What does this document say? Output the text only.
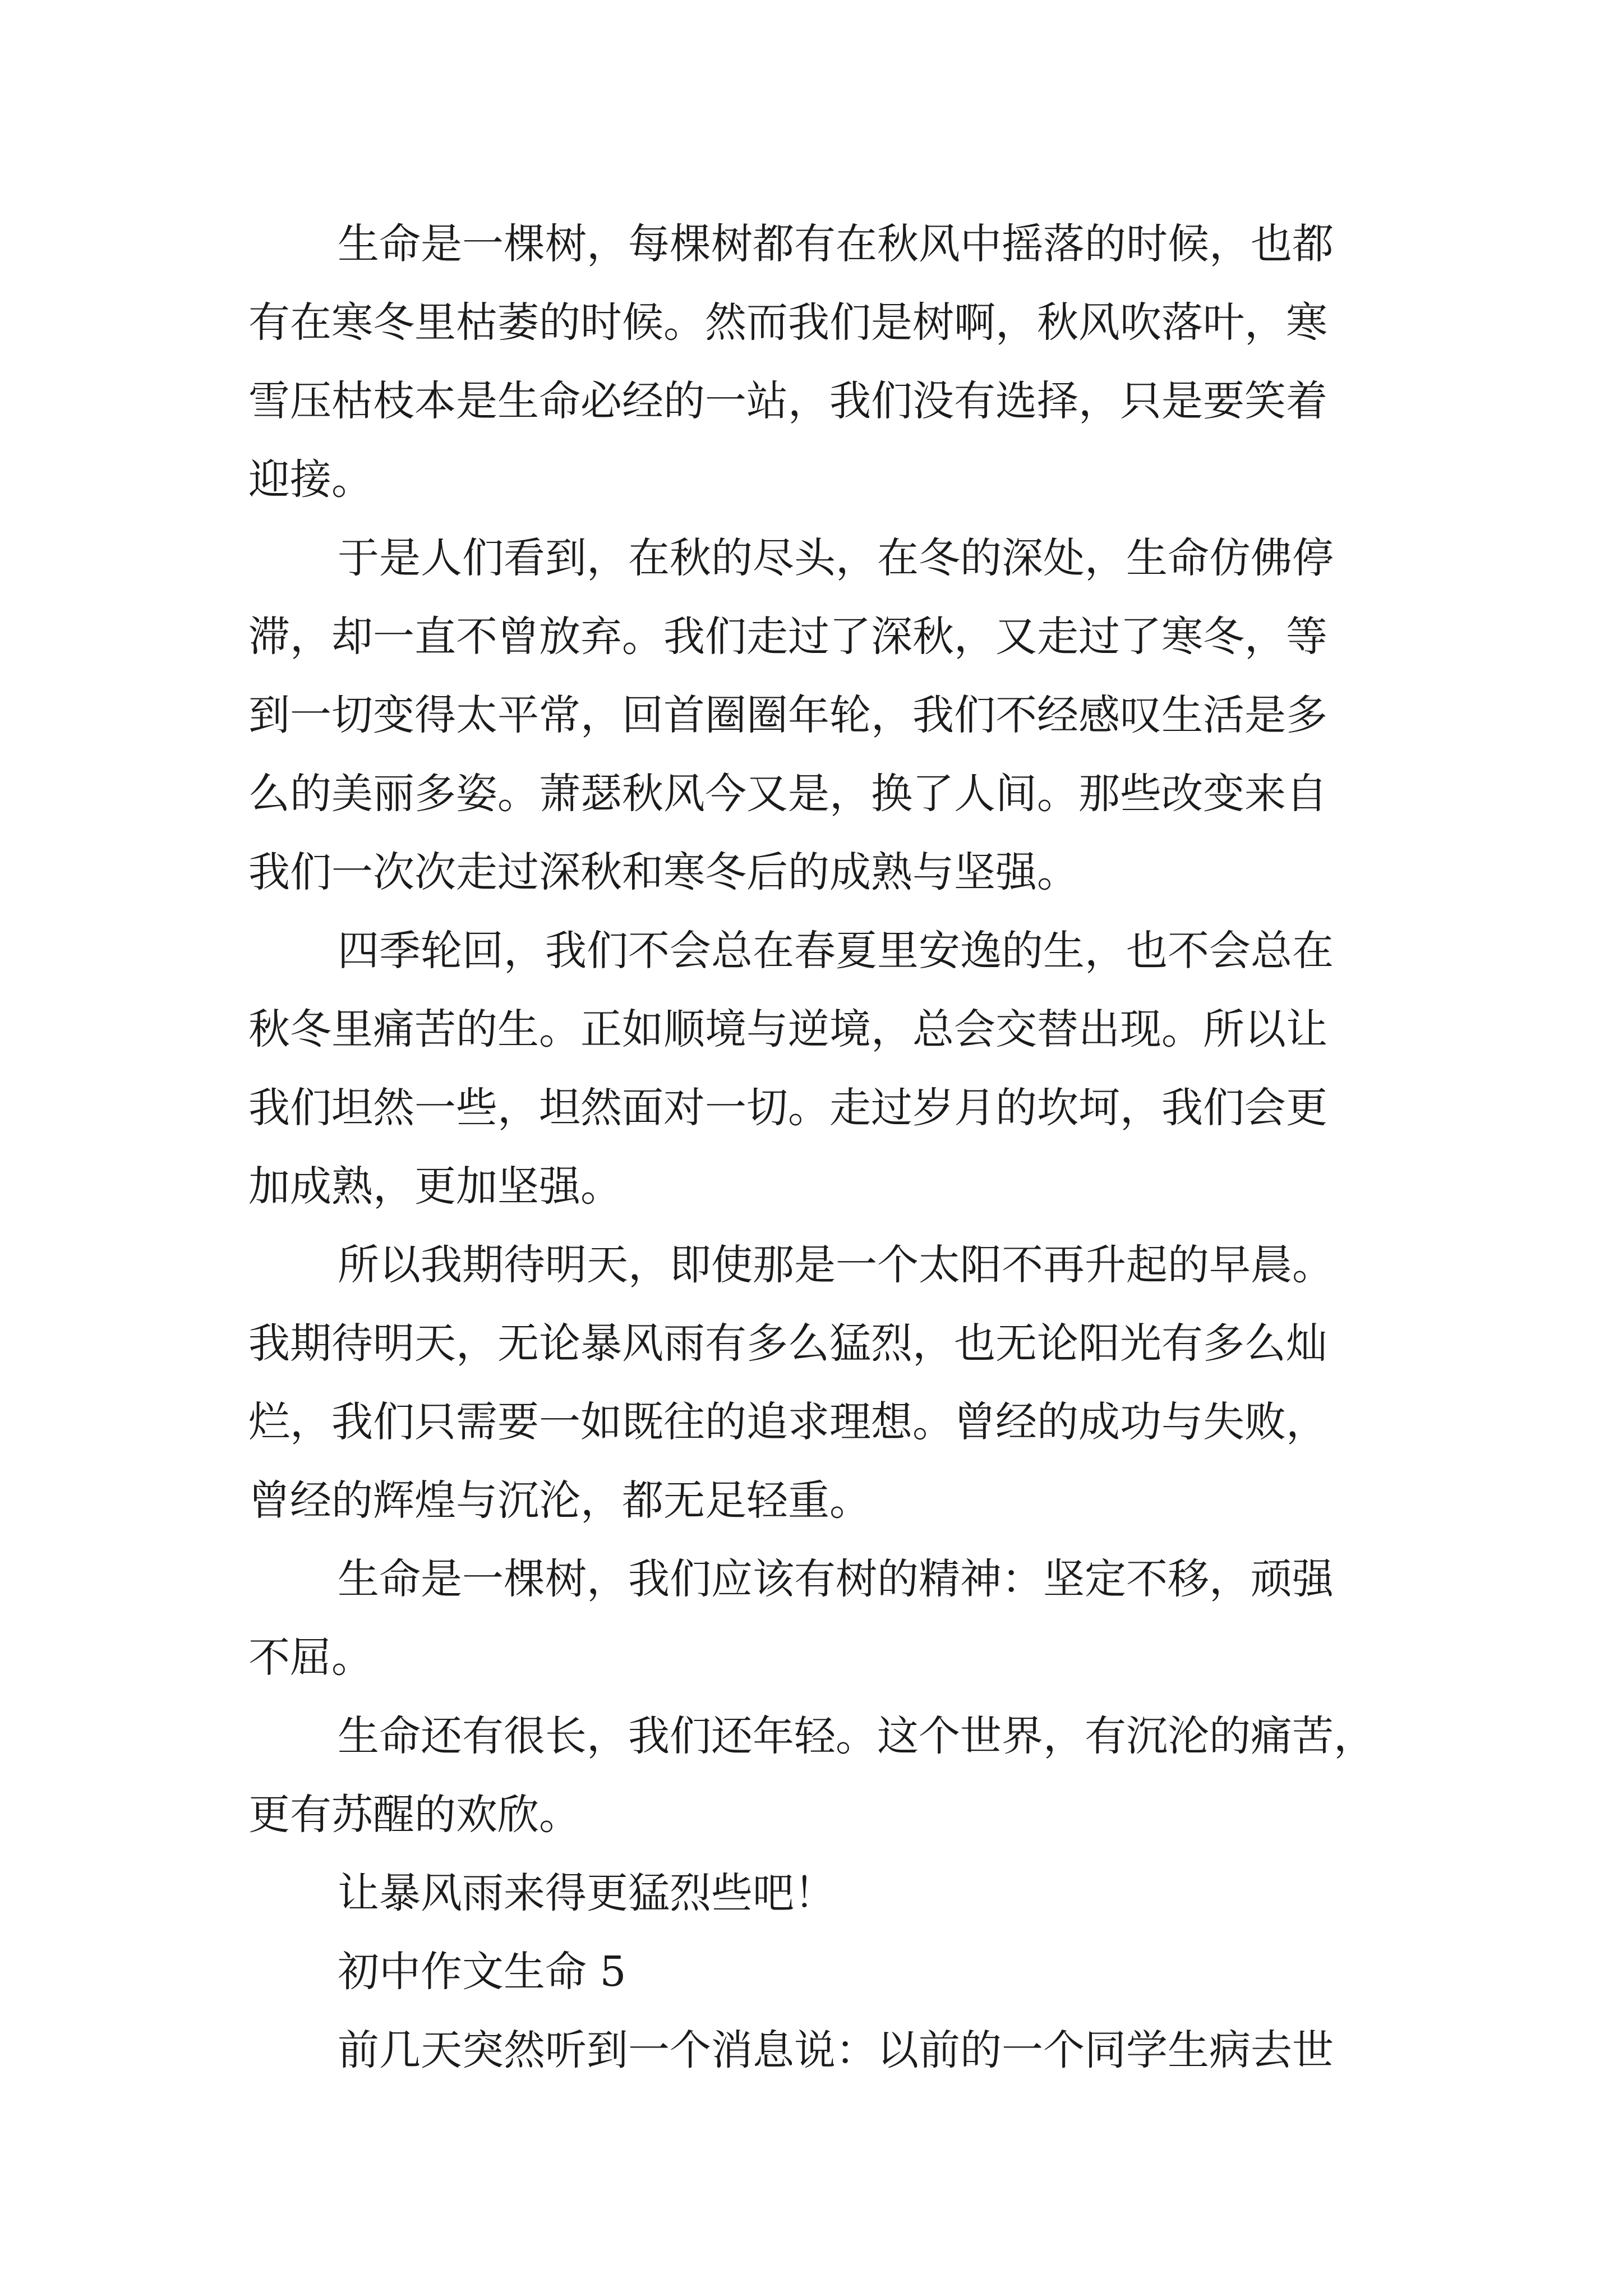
生命是一棵树，每棵树都有在秋风中摇落的时候，也都

有在寒冬里枯萎的时候。然而我们是树啊，秋风吹落叶，寒

雪压枯枝本是生命必经的一站，我们没有选择，只是要笑着

迎接。

于是人们看到，在秋的尽头，在冬的深处，生命仿佛停

滞，却一直不曾放弃。我们走过了深秋，又走过了寒冬，等

到一切变得太平常，回首圈圈年轮，我们不经感叹生活是多

么的美丽多姿。萧瑟秋风今又是，换了人间。那些改变来自

我们一次次走过深秋和寒冬后的成熟与坚强。

四季轮回，我们不会总在春夏里安逸的生，也不会总在

秋冬里痛苦的生。正如顺境与逆境，总会交替出现。所以让

我们坦然一些，坦然面对一切。走过岁月的坎坷，我们会更

加成熟，更加坚强。

所以我期待明天，即使那是一个太阳不再升起的早晨。

我期待明天，无论暴风雨有多么猛烈，也无论阳光有多么灿

烂，我们只需要一如既往的追求理想。曾经的成功与失败，

曾经的辉煌与沉沦，都无足轻重。

生命是一棵树，我们应该有树的精神：坚定不移，顽强

不屈。

生命还有很长，我们还年轻。这个世界，有沉沦的痛苦，

更有苏醒的欢欣。

让暴风雨来得更猛烈些吧！

初中作文生命 5

前几天突然听到一个消息说：以前的一个同学生病去世
